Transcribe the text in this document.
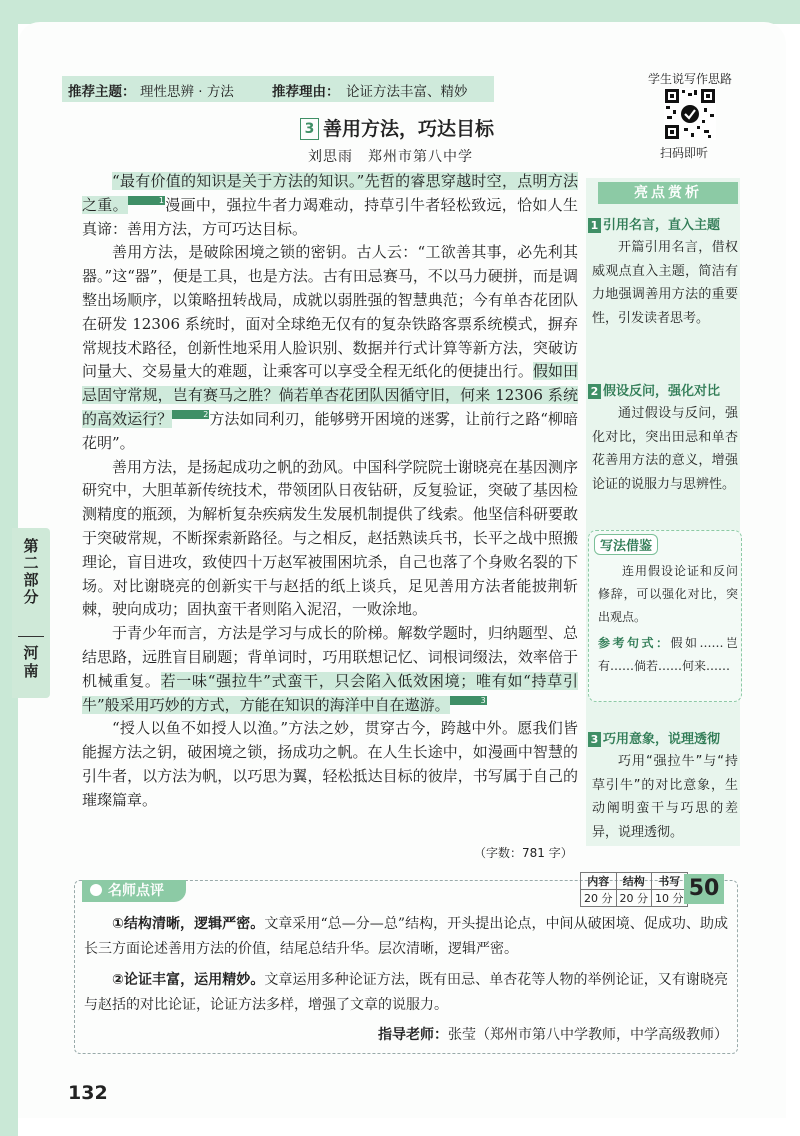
第二部分
河南
推荐主题： 理性思辨 · 方法	推荐理由： 论证方法丰富、精妙
学生说写作思路
扫码即听
3 善用方法，巧达目标
刘思雨　郑州市第八中学

“最有价值的知识是关于方法的知识。”先哲的睿思穿越时空，点明方法之重。	1漫画中，强拉牛者力竭难动，持草引牛者轻松致远，恰如人生真谛：善用方法，方可巧达目标。

善用方法，是破除困境之锁的密钥。古人云：“工欲善其事，必先利其器。”这“器”，便是工具，也是方法。古有田忌赛马，不以马力硬拼，而是调整出场顺序，以策略扭转战局，成就以弱胜强的智慧典范；今有单杏花团队在研发 12306 系统时，面对全球绝无仅有的复杂铁路客票系统模式，摒弃常规技术路径，创新性地采用人脸识别、数据并行式计算等新方法，突破访问量大、交易量大的难题，让乘客可以享受全程无纸化的便捷出行。假如田忌固守常规，岂有赛马之胜？倘若单杏花团队因循守旧，何来 12306 系统的高效运行？	2方法如同利刃，能够劈开困境的迷雾，让前行之路“柳暗花明”。

善用方法，是扬起成功之帆的劲风。中国科学院院士谢晓亮在基因测序研究中，大胆革新传统技术，带领团队日夜钻研，反复验证，突破了基因检测精度的瓶颈，为解析复杂疾病发生发展机制提供了线索。他坚信科研要敢于突破常规，不断探索新路径。与之相反，赵括熟读兵书，长平之战中照搬理论，盲目进攻，致使四十万赵军被围困坑杀，自己也落了个身败名裂的下场。对比谢晓亮的创新实干与赵括的纸上谈兵，足见善用方法者能披荆斩棘，驶向成功；固执蛮干者则陷入泥沼，一败涂地。

于青少年而言，方法是学习与成长的阶梯。解数学题时，归纳题型、总结思路，远胜盲目刷题；背单词时，巧用联想记忆、词根词缀法，效率倍于机械重复。若一味“强拉牛”式蛮干，只会陷入低效困境；唯有如“持草引牛”般采用巧妙的方式，方能在知识的海洋中自在遨游。	3

“授人以鱼不如授人以渔。”方法之妙，贯穿古今，跨越中外。愿我们皆能握方法之钥，破困境之锁，扬成功之帆。在人生长途中，如漫画中智慧的引牛者，以方法为帆，以巧思为翼，轻松抵达目标的彼岸，书写属于自己的璀璨篇章。

（字数：781 字）
亮点赏析
1 引用名言，直入主题
开篇引用名言，借权威观点直入主题，简洁有力地强调善用方法的重要性，引发读者思考。
2 假设反问，强化对比
通过假设与反问，强化对比，突出田忌和单杏花善用方法的意义，增强论证的说服力与思辨性。
写法借鉴
连用假设论证和反问修辞，可以强化对比，突出观点。
参考句式：假如……岂有……倘若……何来……
3 巧用意象，说理透彻
巧用“强拉牛”与“持草引牛”的对比意象，生动阐明蛮干与巧思的差异，说理透彻。
名师点评
内容	结构	书写
20 分	20 分	10 分 50
①结构清晰，逻辑严密。文章采用“总—分—总”结构，开头提出论点，中间从破困境、促成功、助成长三方面论述善用方法的价值，结尾总结升华。层次清晰，逻辑严密。
②论证丰富，运用精妙。文章运用多种论证方法，既有田忌、单杏花等人物的举例论证，又有谢晓亮与赵括的对比论证，论证方法多样，增强了文章的说服力。
指导老师：张莹（郑州市第八中学教师，中学高级教师）
132
